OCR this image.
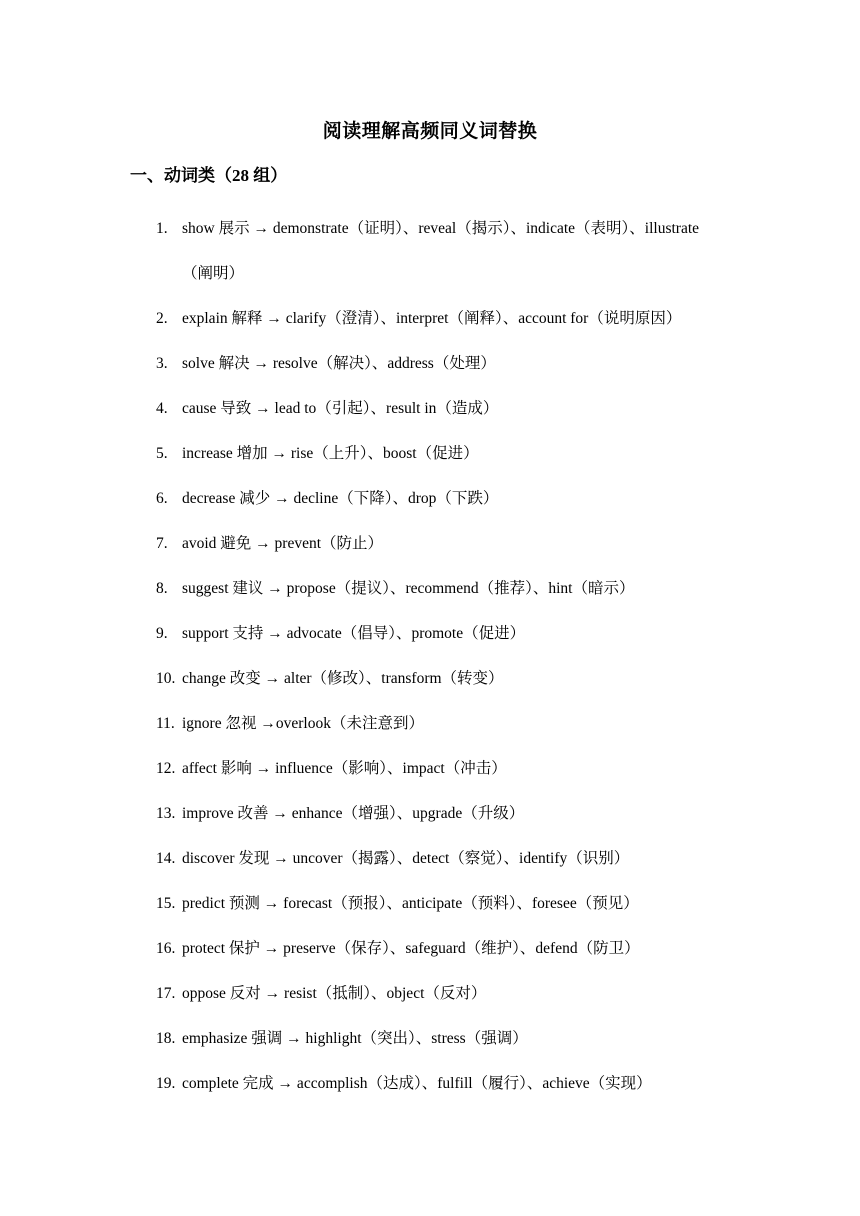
阅读理解高频同义词替换
一、动词类（28 组）
1. show 展示 → demonstrate（证明）、reveal（揭示）、indicate（表明）、illustrate
（阐明）
2. explain 解释 → clarify（澄清）、interpret（阐释）、account for（说明原因）
3. solve 解决 → resolve（解决）、address（处理）
4. cause 导致 → lead to（引起）、result in（造成）
5. increase 增加 → rise（上升）、boost（促进）
6. decrease 减少 → decline（下降）、drop（下跌）
7. avoid 避免 → prevent（防止）
8. suggest 建议 → propose（提议）、recommend（推荐）、hint（暗示）
9. support 支持 → advocate（倡导）、promote（促进）
10. change 改变 → alter（修改）、transform（转变）
11. ignore 忽视 →overlook（未注意到）
12. affect 影响 → influence（影响）、impact（冲击）
13. improve 改善 → enhance（增强）、upgrade（升级）
14. discover 发现 → uncover（揭露）、detect（察觉）、identify（识别）
15. predict 预测 → forecast（预报）、anticipate（预料）、foresee（预见）
16. protect 保护 → preserve（保存）、safeguard（维护）、defend（防卫）
17. oppose 反对 → resist（抵制）、object（反对）
18. emphasize 强调 → highlight（突出）、stress（强调）
19. complete 完成 → accomplish（达成）、fulfill（履行）、achieve（实现）
